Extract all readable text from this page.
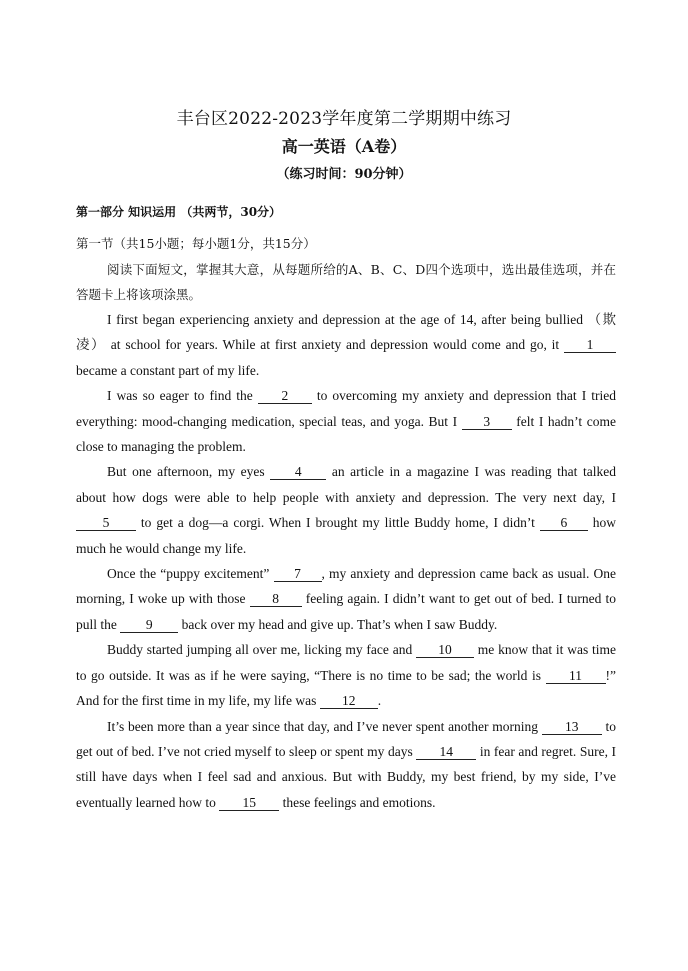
丰台区2022-2023学年度第二学期期中练习
高一英语（A卷）
（练习时间：90分钟）
第一部分 知识运用 （共两节，30分）
第一节（共15小题；每小题1分，共15分）

阅读下面短文，掌握其大意，从每题所给的A、B、C、D四个选项中，选出最佳选项，并在答题卡上将该项涂黑。

I first began experiencing anxiety and depression at the age of 14, after being bullied （欺凌） at school for years. While at first anxiety and depression would come and go, it 1 became a constant part of my life.

I was so eager to find the 2 to overcoming my anxiety and depression that I tried everything: mood-changing medication, special teas, and yoga. But I 3 felt I hadn’t come close to managing the problem.

But one afternoon, my eyes 4 an article in a magazine I was reading that talked about how dogs were able to help people with anxiety and depression. The very next day, I 5 to get a dog—a corgi. When I brought my little Buddy home, I didn’t 6 how much he would change my life.

Once the “puppy excitement” 7 , my anxiety and depression came back as usual. One morning, I woke up with those 8 feeling again. I didn’t want to get out of bed. I turned to pull the 9 back over my head and give up. That’s when I saw Buddy.

Buddy started jumping all over me, licking my face and 10 me know that it was time to go outside. It was as if he were saying, “There is no time to be sad; the world is 11 !” And for the first time in my life, my life was 12 .

It’s been more than a year since that day, and I’ve never spent another morning 13 to get out of bed. I’ve not cried myself to sleep or spent my days 14 in fear and regret. Sure, I still have days when I feel sad and anxious. But with Buddy, my best friend, by my side, I’ve eventually learned how to 15 these feelings and emotions.
